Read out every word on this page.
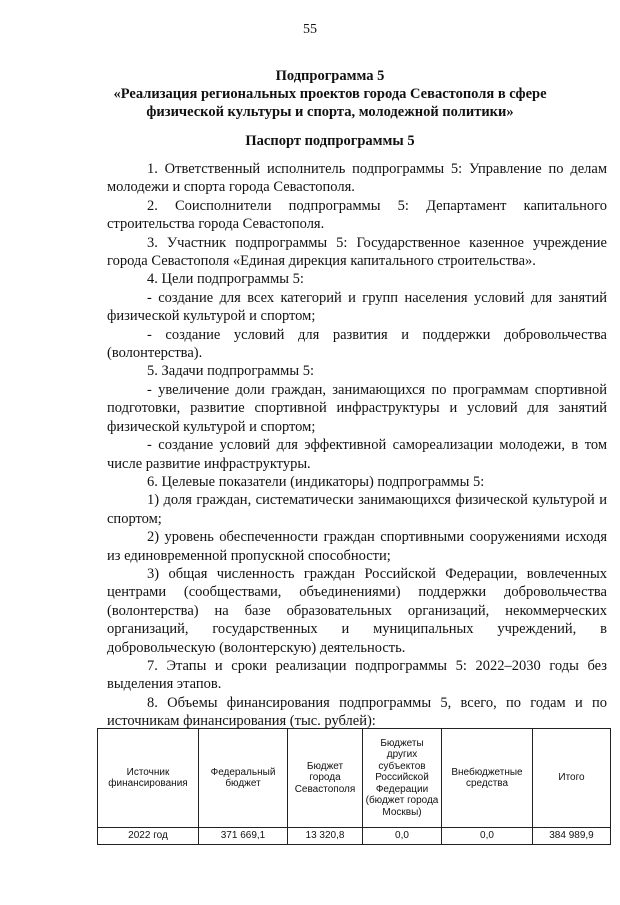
55
Подпрограмма 5
«Реализация региональных проектов города Севастополя в сфере
физической культуры и спорта, молодежной политики»
Паспорт подпрограммы 5

1. Ответственный исполнитель подпрограммы 5: Управление по делам молодежи и спорта города Севастополя.

2. Соисполнители подпрограммы 5: Департамент капитального строительства города Севастополя.

3. Участник подпрограммы 5: Государственное казенное учреждение города Севастополя «Единая дирекция капитального строительства».

4. Цели подпрограммы 5:

- создание для всех категорий и групп населения условий для занятий физической культурой и спортом;

- создание условий для развития и поддержки добровольчества (волонтерства).

5. Задачи подпрограммы 5:

- увеличение доли граждан, занимающихся по программам спортивной подготовки, развитие спортивной инфраструктуры и условий для занятий физической культурой и спортом;

- создание условий для эффективной самореализации молодежи, в том числе развитие инфраструктуры.

6. Целевые показатели (индикаторы) подпрограммы 5:

1) доля граждан, систематически занимающихся физической культурой и спортом;

2) уровень обеспеченности граждан спортивными сооружениями исходя из единовременной пропускной способности;

3) общая численность граждан Российской Федерации, вовлеченных центрами (сообществами, объединениями) поддержки добровольчества (волонтерства) на базе образовательных организаций, некоммерческих организаций, государственных и муниципальных учреждений, в добровольческую (волонтерскую) деятельность.

7. Этапы и сроки реализации подпрограммы 5: 2022–2030 годы без выделения этапов.

8. Объемы финансирования подпрограммы 5, всего, по годам и по источникам финансирования (тыс. рублей):

Источник финансирования	Федеральный бюджет	Бюджет города Севастополя	Бюджеты других субъектов Российской Федерации (бюджет города Москвы)	Внебюджетные средства	Итого
2022 год	371 669,1	13 320,8	0,0	0,0	384 989,9
